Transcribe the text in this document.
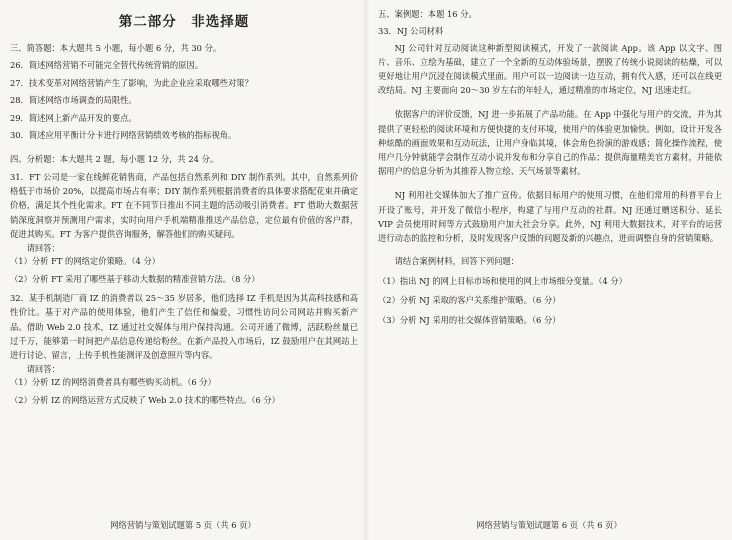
第二部分　非选择题
三、简答题：本大题共 5 小题，每小题 6 分，共 30 分。
26．简述网络营销不可能完全替代传统营销的原因。
27．技术变革对网络营销产生了影响，为此企业应采取哪些对策？
28．简述网络市场调查的局限性。
29．简述网上新产品开发的要点。
30．简述应用平衡计分卡进行网络营销绩效考核的指标视角。
四、分析题：本大题共 2 题，每小题 12 分，共 24 分。
31．FT 公司是一家在线鲜花销售商，产品包括自然系列和 DIY 制作系列。其中，自然系列价格低于市场价 20%，以提高市场占有率；DIY 制作系列根据消费者的具体要求搭配花束并确定价格，满足其个性化需求。FT 在不同节日推出不同主题的活动吸引消费者。FT 借助大数据营销深度洞察并预测用户需求，实时向用户手机端精准推送产品信息，定位最有价值的客户群，促进其购买。FT 为客户提供咨询服务，解答他们的购买疑问。
请回答：
（1）分析 FT 的网络定价策略。（4 分）
（2）分析 FT 采用了哪些基于移动大数据的精准营销方法。（8 分）
32．某手机制造厂商 IZ 的消费者以 25～35 岁居多，他们选择 IZ 手机是因为其高科技感和高性价比。基于对产品的使用体验，他们产生了信任和偏爱，习惯性访问公司网站并购买新产品。借助 Web 2.0 技术，IZ 通过社交媒体与用户保持沟通。公司开通了微博，活跃粉丝量已过千万，能够第一时间把产品信息传递给粉丝。在新产品投入市场后，IZ 鼓励用户在其网站上进行讨论、留言，上传手机性能测评及创意照片等内容。
请回答：
（1）分析 IZ 的网络消费者具有哪些购买动机。（6 分）
（2）分析 IZ 的网络运营方式反映了 Web 2.0 技术的哪些特点。（6 分）
网络营销与策划试题第 5 页（共 6 页）
五、案例题：本题 16 分。
33．NJ 公司材料
NJ 公司针对互动阅读这种新型阅读模式，开发了一款阅读 App。该 App 以文字、图片、音乐、立绘为基础，建立了一个全新的互动体验场景，摆脱了传统小说阅读的枯燥，可以更好地让用户沉浸在阅读模式里面。用户可以一边阅读一边互动，拥有代入感，还可以在线更改结局。NJ 主要面向 20～30 岁左右的年轻人，通过精准的市场定位，NJ 迅速走红。
依据客户的评价反馈，NJ 进一步拓展了产品功能。在 App 中强化与用户的交流，并为其提供了更轻松的阅读环境和方便快捷的支付环境，使用户的体验更加愉快。例如，设计开发各种炫酷的画面效果和互动玩法，让用户身临其境，体会角色扮演的游戏感；简化操作流程，使用户几分钟就能学会制作互动小说并发布和分享自己的作品；提供海量精美官方素材，并能依据用户的信息分析为其推荐人物立绘、天气场景等素材。
NJ 利用社交媒体加大了推广宣传。依据目标用户的使用习惯，在他们常用的科普平台上开设了账号，并开发了微信小程序，构建了与用户互动的社群。NJ 还通过赠送积分、延长 VIP 会员使用时间等方式鼓励用户加大社会分享。此外，NJ 利用大数据技术，对平台的运营进行动态的监控和分析，及时发现客户反馈的问题及新的兴趣点，进而调整自身的营销策略。
请结合案例材料，回答下列问题：
（1）指出 NJ 的网上目标市场和使用的网上市场细分变量。（4 分）
（2）分析 NJ 采取的客户关系维护策略。（6 分）
（3）分析 NJ 采用的社交媒体营销策略。（6 分）
网络营销与策划试题第 6 页（共 6 页）
